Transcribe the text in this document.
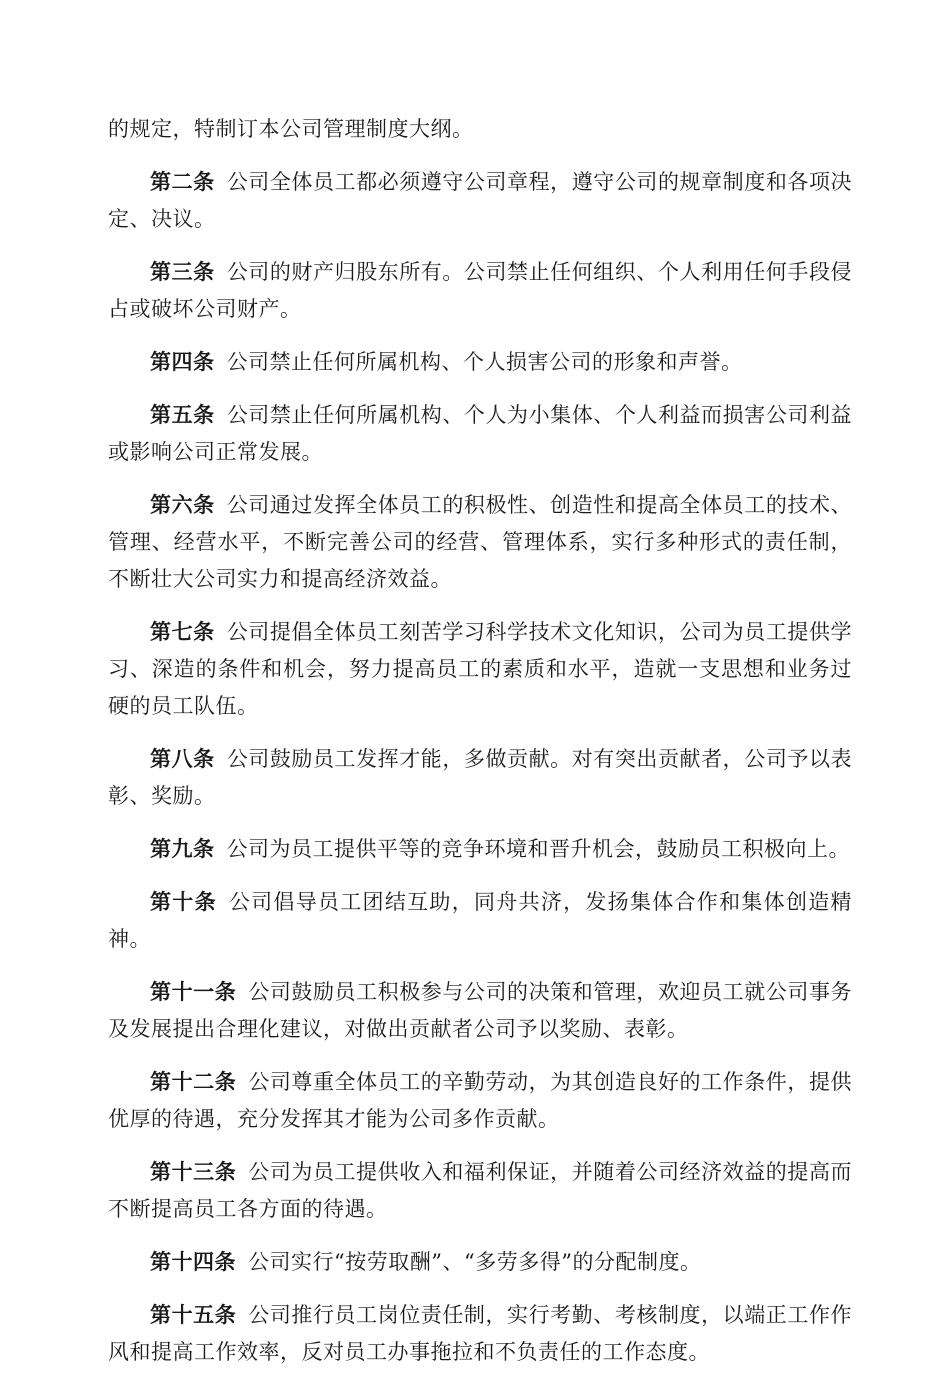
的规定，特制订本公司管理制度大纲。

第二条 公司全体员工都必须遵守公司章程，遵守公司的规章制度和各项决定、决议。

第三条 公司的财产归股东所有。公司禁止任何组织、个人利用任何手段侵占或破坏公司财产。

第四条 公司禁止任何所属机构、个人损害公司的形象和声誉。

第五条 公司禁止任何所属机构、个人为小集体、个人利益而损害公司利益或影响公司正常发展。

第六条 公司通过发挥全体员工的积极性、创造性和提高全体员工的技术、管理、经营水平，不断完善公司的经营、管理体系，实行多种形式的责任制，不断壮大公司实力和提高经济效益。

第七条 公司提倡全体员工刻苦学习科学技术文化知识，公司为员工提供学习、深造的条件和机会，努力提高员工的素质和水平，造就一支思想和业务过硬的员工队伍。

第八条 公司鼓励员工发挥才能，多做贡献。对有突出贡献者，公司予以表彰、奖励。

第九条 公司为员工提供平等的竞争环境和晋升机会，鼓励员工积极向上。

第十条 公司倡导员工团结互助，同舟共济，发扬集体合作和集体创造精神。

第十一条 公司鼓励员工积极参与公司的决策和管理，欢迎员工就公司事务及发展提出合理化建议，对做出贡献者公司予以奖励、表彰。

第十二条 公司尊重全体员工的辛勤劳动，为其创造良好的工作条件，提供优厚的待遇，充分发挥其才能为公司多作贡献。

第十三条 公司为员工提供收入和福利保证，并随着公司经济效益的提高而不断提高员工各方面的待遇。

第十四条 公司实行“按劳取酬”、“多劳多得”的分配制度。

第十五条 公司推行员工岗位责任制，实行考勤、考核制度，以端正工作作风和提高工作效率，反对员工办事拖拉和不负责任的工作态度。
